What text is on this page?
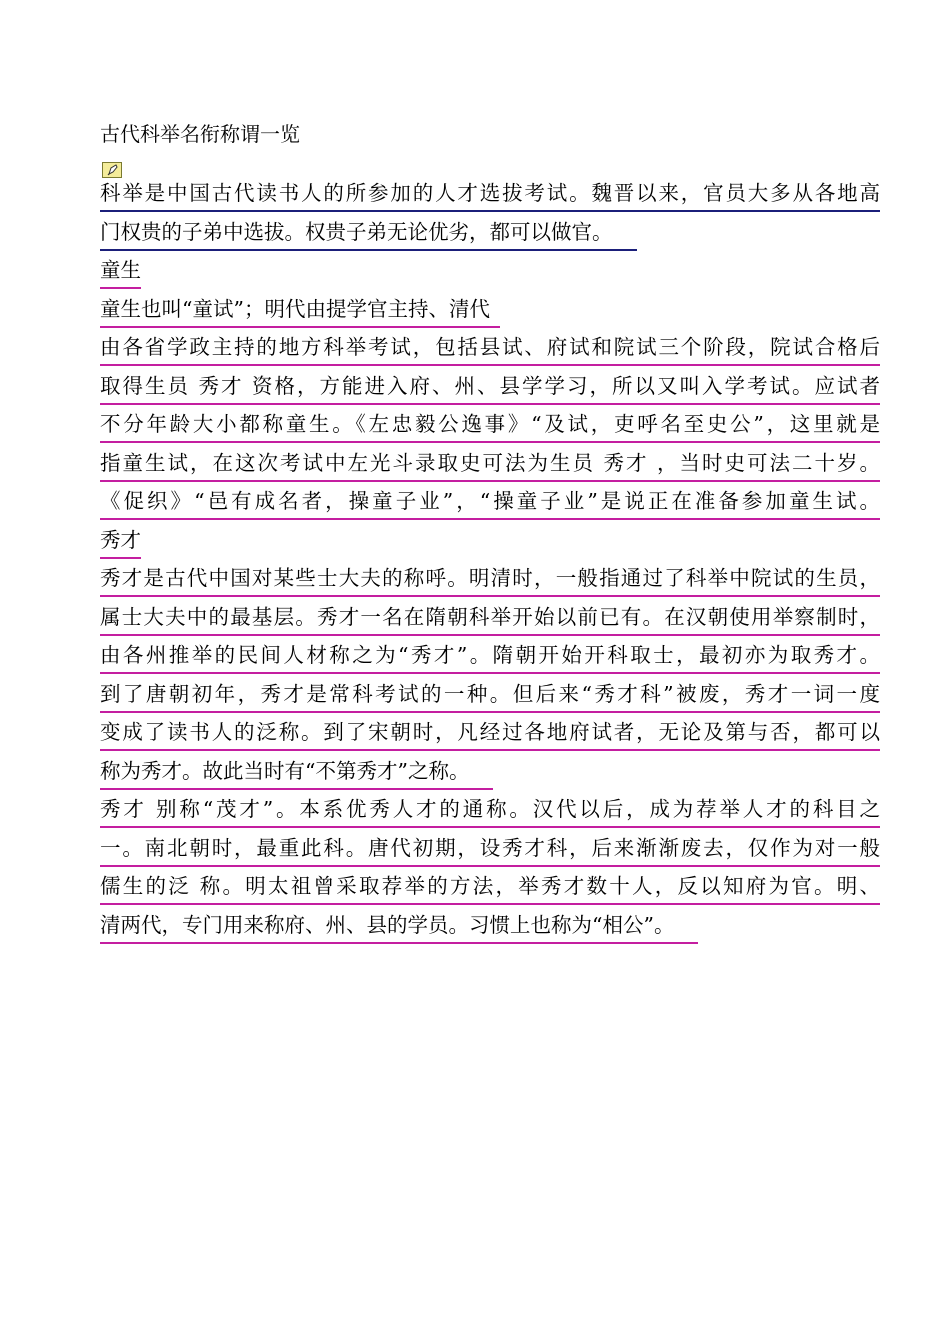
古代科举名衔称谓一览
科举是中国古代读书人的所参加的人才选拔考试。魏晋以来，官员大多从各地高
门权贵的子弟中选拔。权贵子弟无论优劣，都可以做官。
童生
童生也叫“童试”；明代由提学官主持、清代
由各省学政主持的地方科举考试，包括县试、府试和院试三个阶段，院试合格后
取得生员 秀才 资格，方能进入府、州、县学学习，所以又叫入学考试。应试者
不分年龄大小都称童生。《左忠毅公逸事》“及试，吏呼名至史公”，这里就是
指童生试，在这次考试中左光斗录取史可法为生员 秀才 ，当时史可法二十岁。
《促织》“邑有成名者，操童子业”，“操童子业”是说正在准备参加童生试。
秀才
秀才是古代中国对某些士大夫的称呼。明清时，一般指通过了科举中院试的生员，
属士大夫中的最基层。秀才一名在隋朝科举开始以前已有。在汉朝使用举察制时，
由各州推举的民间人材称之为“秀才”。隋朝开始开科取士，最初亦为取秀才。
到了唐朝初年，秀才是常科考试的一种。但后来“秀才科”被废，秀才一词一度
变成了读书人的泛称。到了宋朝时，凡经过各地府试者，无论及第与否，都可以
称为秀才。故此当时有“不第秀才”之称。
秀才 别称“茂才”。本系优秀人才的通称。汉代以后，成为荐举人才的科目之
一。南北朝时，最重此科。唐代初期，设秀才科，后来渐渐废去，仅作为对一般
儒生的泛 称。明太祖曾采取荐举的方法，举秀才数十人，反以知府为官。明、
清两代，专门用来称府、州、县的学员。习惯上也称为“相公”。
